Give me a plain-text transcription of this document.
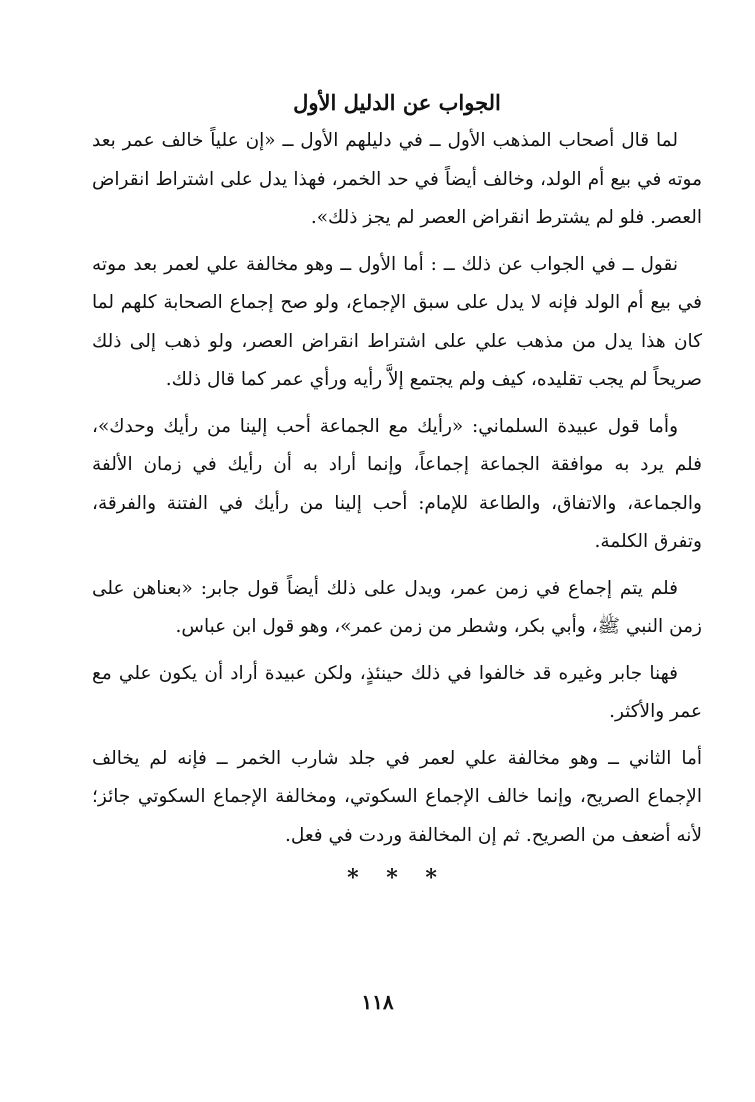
الجواب عن الدليل الأول

لما قال أصحاب المذهب الأول ــ في دليلهم الأول ــ «إن علياً خالف عمر بعد موته في بيع أم الولد، وخالف أيضاً في حد الخمر، فهذا يدل على اشتراط انقراض العصر. فلو لم يشترط انقراض العصر لم يجز ذلك».

نقول ــ في الجواب عن ذلك ــ : أما الأول ــ وهو مخالفة علي لعمر بعد موته في بيع أم الولد فإنه لا يدل على سبق الإجماع، ولو صح إجماع الصحابة كلهم لما كان هذا يدل من مذهب علي على اشتراط انقراض العصر، ولو ذهب إلى ذلك صريحاً لم يجب تقليده، كيف ولم يجتمع إلاَّ رأيه ورأي عمر كما قال ذلك.

وأما قول عبيدة السلماني: «رأيك مع الجماعة أحب إلينا من رأيك وحدك»، فلم يرد به موافقة الجماعة إجماعاً، وإنما أراد به أن رأيك في زمان الألفة والجماعة، والاتفاق، والطاعة للإمام: أحب إلينا من رأيك في الفتنة والفرقة، وتفرق الكلمة.

فلم يتم إجماع في زمن عمر، ويدل على ذلك أيضاً قول جابر: «بعناهن على زمن النبي ﷺ، وأبي بكر، وشطر من زمن عمر»، وهو قول ابن عباس.

فهنا جابر وغيره قد خالفوا في ذلك حينئذٍ، ولكن عبيدة أراد أن يكون علي مع عمر والأكثر.

أما الثاني ــ وهو مخالفة علي لعمر في جلد شارب الخمر ــ فإنه لم يخالف الإجماع الصريح، وإنما خالف الإجماع السكوتي، ومخالفة الإجماع السكوتي جائز؛ لأنه أضعف من الصريح. ثم إن المخالفة وردت في فعل.

* * *
١١٨
